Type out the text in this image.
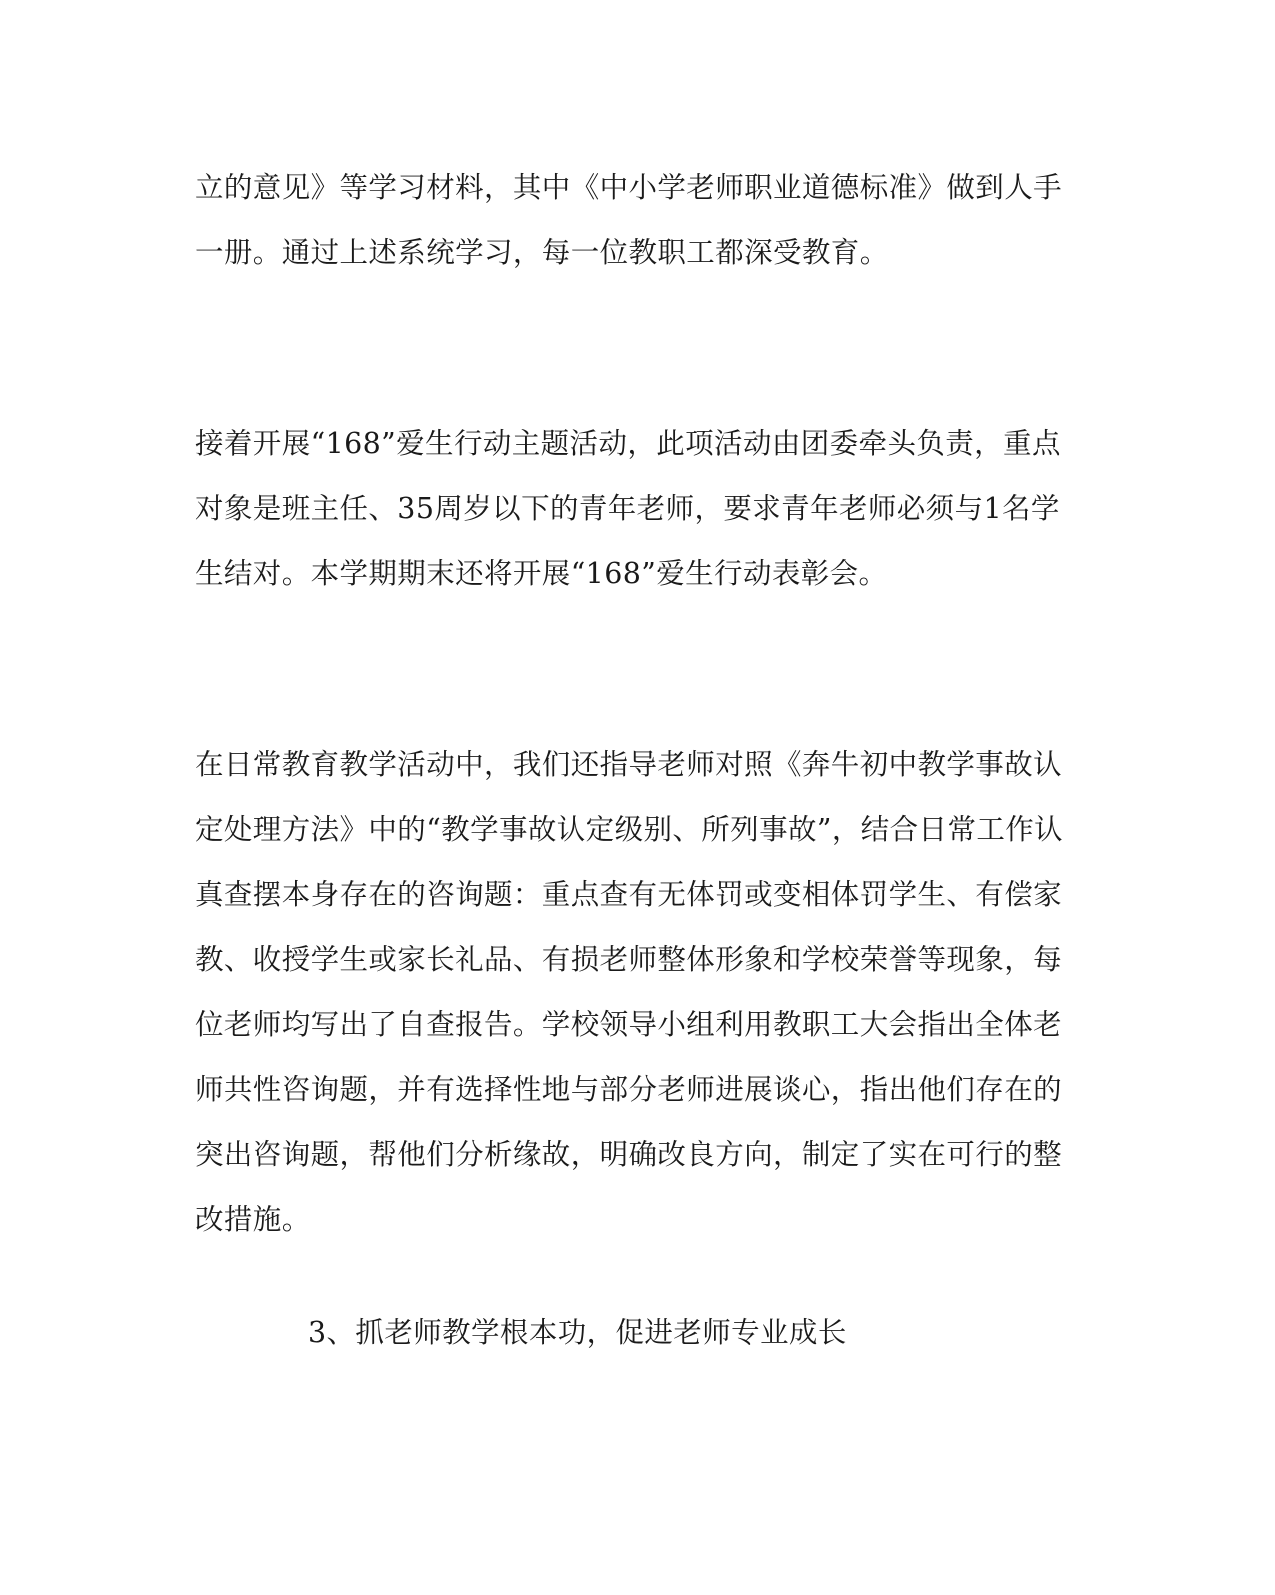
立的意见》等学习材料，其中《中小学老师职业道德标准》做到人手
一册。通过上述系统学习，每一位教职工都深受教育。
接着开展“168”爱生行动主题活动，此项活动由团委牵头负责，重点
对象是班主任、35周岁以下的青年老师，要求青年老师必须与1名学
生结对。本学期期末还将开展“168”爱生行动表彰会。
在日常教育教学活动中，我们还指导老师对照《奔牛初中教学事故认
定处理方法》中的“教学事故认定级别、所列事故”，结合日常工作认
真查摆本身存在的咨询题：重点查有无体罚或变相体罚学生、有偿家
教、收授学生或家长礼品、有损老师整体形象和学校荣誉等现象，每
位老师均写出了自查报告。学校领导小组利用教职工大会指出全体老
师共性咨询题，并有选择性地与部分老师进展谈心，指出他们存在的
突出咨询题，帮他们分析缘故，明确改良方向，制定了实在可行的整
改措施。
3、抓老师教学根本功，促进老师专业成长
